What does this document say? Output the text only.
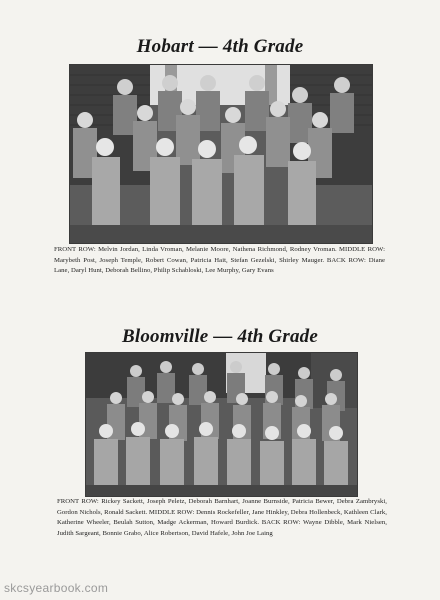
Hobart — 4th Grade
FRONT ROW: Melvin Jordan, Linda Vroman, Melanie Moore, Nathena Richmond, Rodney Vroman. MIDDLE ROW: Marybeth Post, Joseph Temple, Robert Cowan, Patricia Hait, Stefan Gezelski, Shirley Mauger. BACK ROW: Diane Lane, Daryl Hunt, Deborah Bellino, Philip Schabloski, Lee Murphy, Gary Evans
Bloomville — 4th Grade
FRONT ROW: Rickey Sackett, Joseph Peletz, Deborah Barnhart, Joanne Burnside, Patricia Bewer, Debra Zambryski, Gordon Nichols, Ronald Sackett. MIDDLE ROW: Dennis Rockefeller, Jane Hinkley, Debra Hollenbeck, Kathleen Clark, Katherine Wheeler, Beulah Sutton, Madge Ackerman, Howard Burdick. BACK ROW: Wayne Dibble, Mark Nielsen, Judith Sargeant, Bonnie Grabo, Alice Robertson, David Hafele, John Joe Laing
skcsyearbook.com
